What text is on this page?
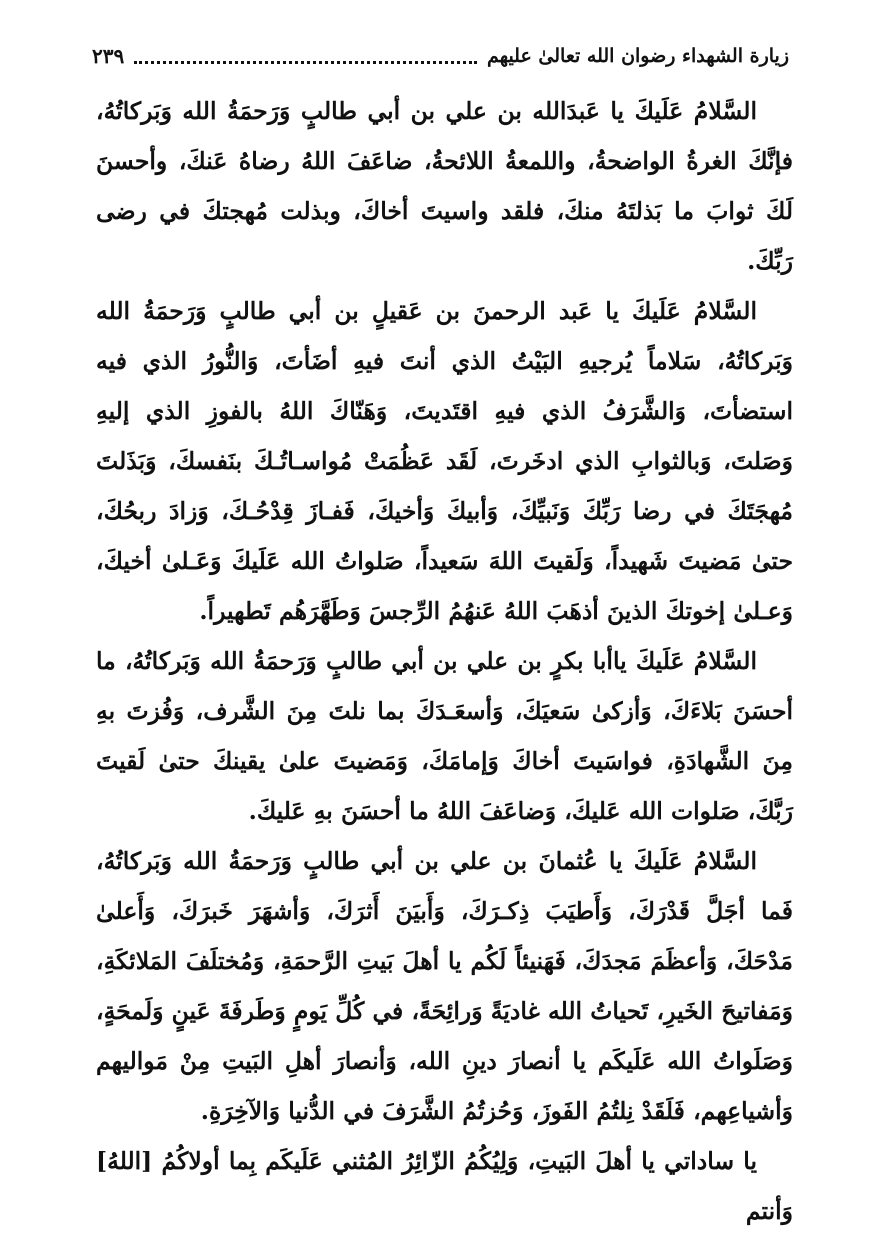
زيارة الشهداء رضوان الله تعالىٰ عليهم
٢٣٩

السَّلامُ عَلَيكَ يا عَبدَالله بن علي بن أبي طالبٍ وَرَحمَةُ الله وَبَركاتُهُ، فإنَّكَ الغرةُ الواضحةُ، واللمعةُ اللائحةُ، ضاعَفَ اللهُ رضاهُ عَنكَ، وأحسنَ لَكَ ثوابَ ما بَذلتَهُ منكَ، فلقد واسيتَ أخاكَ، وبذلت مُهجتكَ في رضى رَبِّكَ.

السَّلامُ عَلَيكَ يا عَبد الرحمنَ بن عَقيلٍ بن أبي طالبٍ وَرَحمَةُ الله وَبَركاتُهُ، سَلاماً يُرجيهِ البَيْتُ الذي أنتَ فيهِ أضَأتَ، وَالنُّورُ الذي فيه استضأتَ، وَالشَّرَفُ الذي فيهِ اقتَديتَ، وَهَنّاكَ اللهُ بالفوزِ الذي إليهِ وَصَلتَ، وَبالثوابِ الذي ادخَرتَ، لَقَد عَظُمَتْ مُواسـاتُـكَ بنَفسكَ، وَبَذَلتَ مُهجَتَكَ في رضا رَبِّكَ وَنَبيِّكَ، وَأبيكَ وَأخيكَ، فَفـازَ قِدْحُـكَ، وَزادَ ربحُكَ، حتىٰ مَضيتَ شَهيداً، وَلَقيتَ اللهَ سَعيداً، صَلواتُ الله عَلَيكَ وَعَـلىٰ أخيكَ، وَعـلىٰ إخوتكَ الذينَ أذهَبَ اللهُ عَنهُمُ الرِّجسَ وَطَهَّرَهُم تَطهيراً.

السَّلامُ عَلَيكَ ياأبا بكرٍ بن علي بن أبي طالبٍ وَرَحمَةُ الله وَبَركاتُهُ، ما أحسَنَ بَلاءَكَ، وَأزكىٰ سَعيَكَ، وَأسعَـدَكَ بما نلتَ مِنَ الشَّرف، وَفُزتَ بهِ مِنَ الشَّهادَةِ، فواسَيتَ أخاكَ وَإمامَكَ، وَمَضيتَ علىٰ يقينكَ حتىٰ لَقيتَ رَبَّكَ، صَلوات الله عَليكَ، وَضاعَفَ اللهُ ما أحسَنَ بهِ عَليكَ.

السَّلامُ عَلَيكَ يا عُثمانَ بن علي بن أبي طالبٍ وَرَحمَةُ الله وَبَركاتُهُ، فَما أجَلَّ قَدْرَكَ، وَأَطيَبَ ذِكـرَكَ، وَأَبيَنَ أَثرَكَ، وَأشهَرَ خَبرَكَ، وَأَعلىٰ مَدْحَكَ، وَأعظَمَ مَجدَكَ، فَهَنيئاً لَكُم يا أهلَ بَيتِ الرَّحمَةِ، وَمُختلَفَ المَلائكَةِ، وَمَفاتيحَ الخَيرِ، تَحياتُ الله غاديَةً وَرائِحَةً، في كُلِّ يَومٍ وَطَرفَةَ عَينٍ وَلَمحَةٍ، وَصَلَواتُ الله عَلَيكَم يا أنصارَ دينِ الله، وَأنصارَ أهلِ البَيتِ مِنْ مَواليهم وَأشياعِهم، فَلَقَدْ نِلتُمُ الفَوزَ، وَحُزتُمُ الشَّرَفَ في الدُّنيا وَالآخِرَةِ.

يا ساداتي يا أهلَ البَيتِ، وَلِيُكُمُ الزّائِرُ المُثني عَلَيكَم بِما أولاكُمُ [اللهُ] وَأنتم
